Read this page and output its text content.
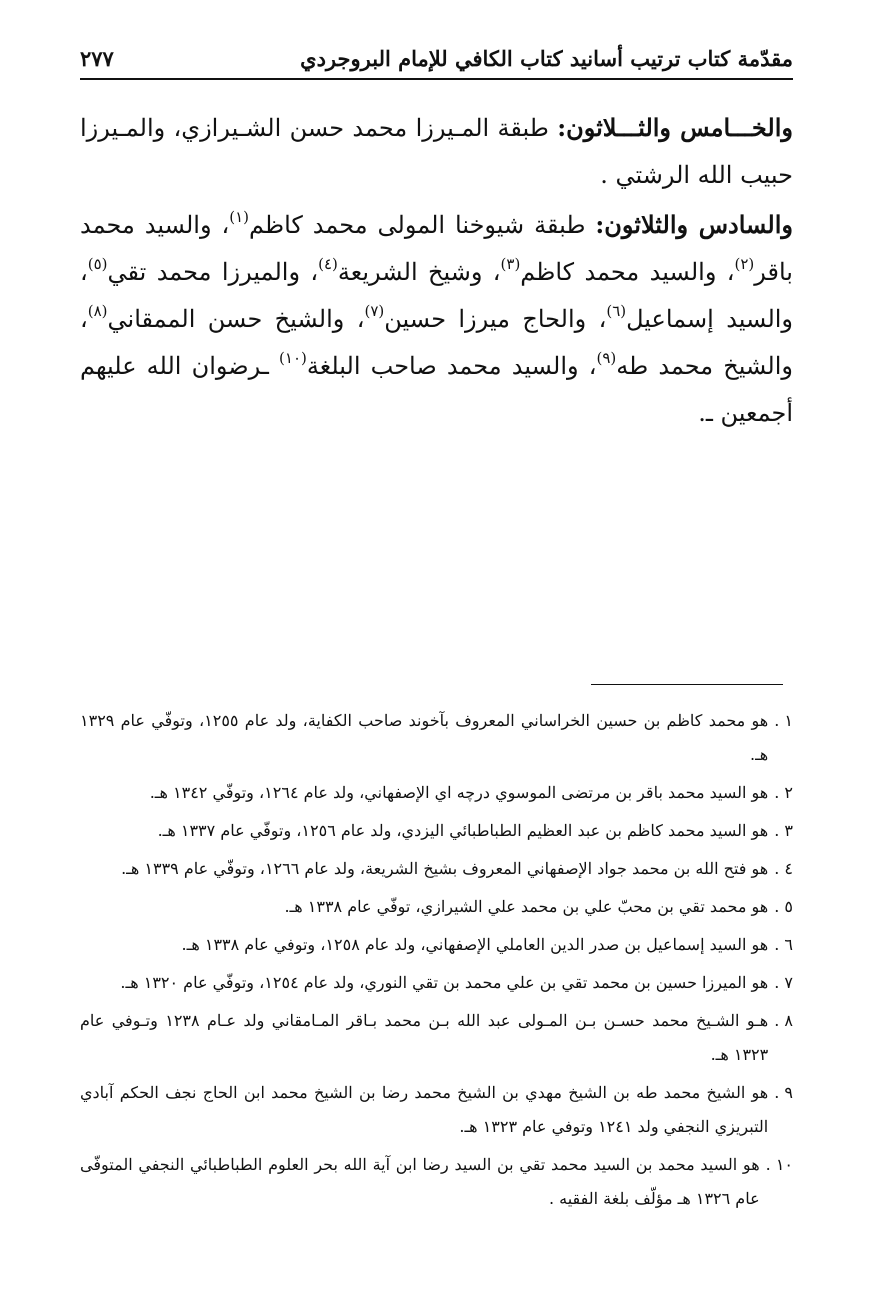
مقدّمة كتاب ترتيب أسانيد كتاب الكافي للإمام البروجردي
٢٧٧

والخـــامس والثـــلاثون: طبقة المـيرزا محمد حسن الشـيرازي، والمـيرزا حبيب الله الرشتي .

والسادس والثلاثون: طبقة شيوخنا المولى محمد كاظم$^{(١)}$، والسيد محمد باقر$^{(٢)}$، والسيد محمد كاظم$^{(٣)}$، وشيخ الشريعة$^{(٤)}$، والميرزا محمد تقي$^{(٥)}$، والسيد إسماعيل$^{(٦)}$، والحاج ميرزا حسين$^{(٧)}$، والشيخ حسن الممقاني$^{(٨)}$، والشيخ محمد طه$^{(٩)}$، والسيد محمد صاحب البلغة$^{(١٠)}$ ـرضوان الله عليهم أجمعين ـ.

١ .
هو محمد كاظم بن حسين الخراساني المعروف بآخوند صاحب الكفاية، ولد عام ١٢٥٥، وتوفّي عام ١٣٢٩ هـ.
٢ .
هو السيد محمد باقر بن مرتضى الموسوي درچه اي الإصفهاني، ولد عام ١٢٦٤، وتوفّي ١٣٤٢ هـ.
٣ .
هو السيد محمد كاظم بن عبد العظيم الطباطبائي اليزدي، ولد عام ١٢٥٦، وتوفّي عام ١٣٣٧ هـ.
٤ .
هو فتح الله بن محمد جواد الإصفهاني المعروف بشيخ الشريعة، ولد عام ١٢٦٦، وتوفّي عام ١٣٣٩ هـ.
٥ .
هو محمد تقي بن محبّ علي بن محمد علي الشيرازي، توفّي عام ١٣٣٨ هـ.
٦ .
هو السيد إسماعيل بن صدر الدين العاملي الإصفهاني، ولد عام ١٢٥٨، وتوفي عام ١٣٣٨ هـ.
٧ .
هو الميرزا حسين بن محمد تقي بن علي محمد بن تقي النوري، ولد عام ١٢٥٤، وتوفّي عام ١٣٢٠ هـ.
٨ .
هـو الشـيخ محمد حسـن بـن المـولى عبد الله بـن محمد بـاقر المـامقاني ولد عـام ١٢٣٨ وتـوفي عام ١٣٢٣ هـ.
٩ .
هو الشيخ محمد طه بن الشيخ مهدي بن الشيخ محمد رضا بن الشيخ محمد ابن الحاج نجف الحكم آبادي التبريزي النجفي ولد ١٢٤١ وتوفي عام ١٣٢٣ هـ.
١٠ .
هو السيد محمد بن السيد محمد تقي بن السيد رضا ابن آية الله بحر العلوم الطباطبائي النجفي المتوفّى عام ١٣٢٦ هـ مؤلّف بلغة الفقيه .
